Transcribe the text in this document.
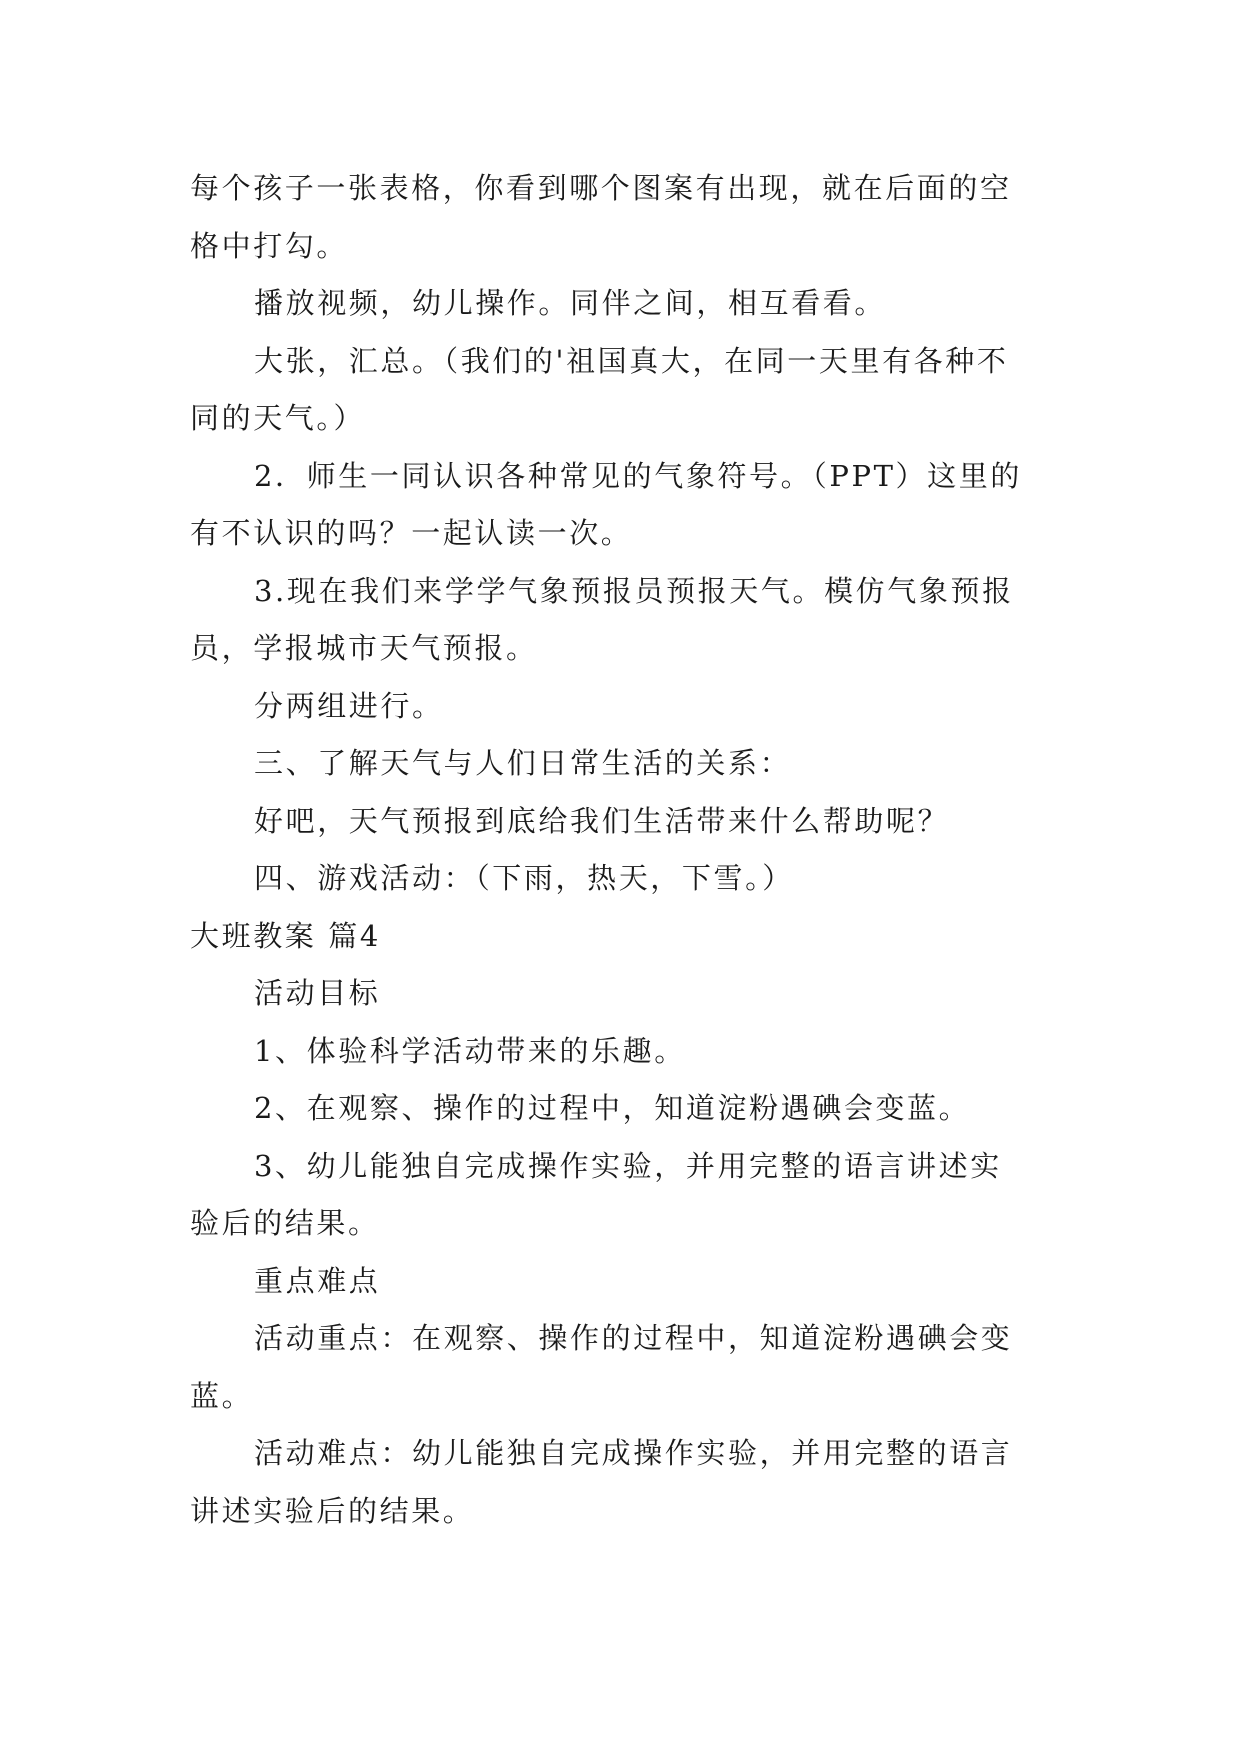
每个孩子一张表格，你看到哪个图案有出现，就在后面的空

格中打勾。

播放视频，幼儿操作。同伴之间，相互看看。

大张，汇总。（我们的'祖国真大，在同一天里有各种不

同的天气。）

2．师生一同认识各种常见的气象符号。（PPT）这里的

有不认识的吗？一起认读一次。

3.现在我们来学学气象预报员预报天气。模仿气象预报

员，学报城市天气预报。

分两组进行。

三、了解天气与人们日常生活的关系：

好吧，天气预报到底给我们生活带来什么帮助呢？

四、游戏活动：（下雨，热天，下雪。）

大班教案 篇4

活动目标

1、体验科学活动带来的乐趣。

2、在观察、操作的过程中，知道淀粉遇碘会变蓝。

3、幼儿能独自完成操作实验，并用完整的语言讲述实

验后的结果。

重点难点

活动重点：在观察、操作的过程中，知道淀粉遇碘会变

蓝。

活动难点：幼儿能独自完成操作实验，并用完整的语言

讲述实验后的结果。
